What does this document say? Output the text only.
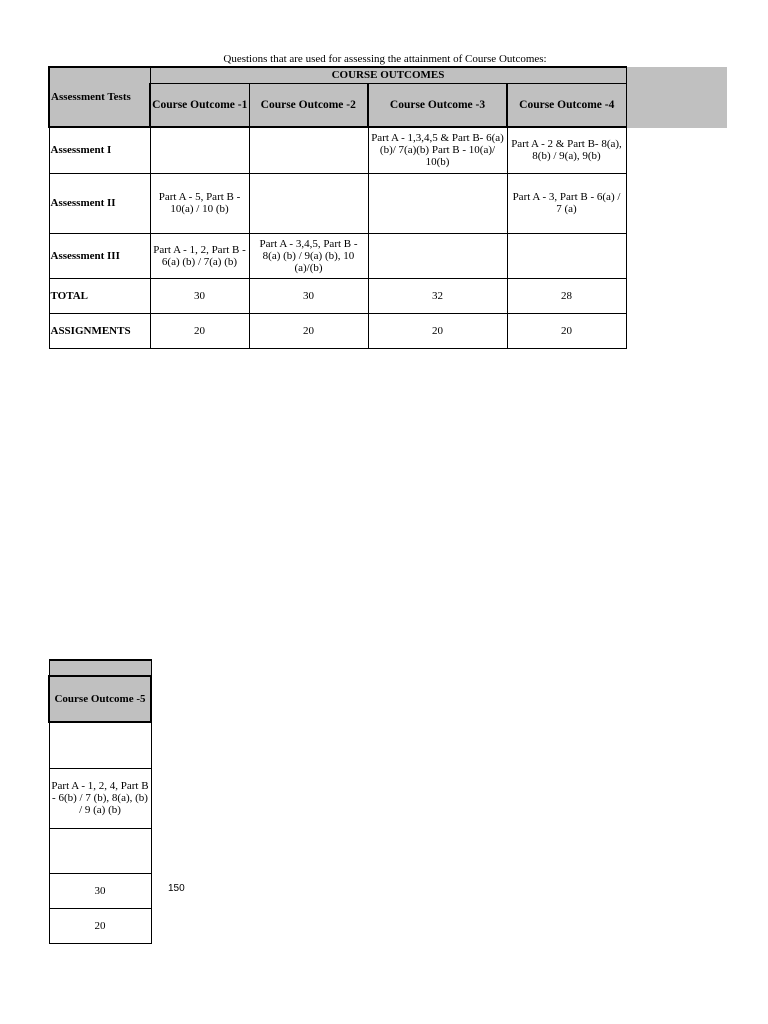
Questions that are used for assessing the attainment of Course Outcomes:
Assessment Tests	COURSE OUTCOMES			
	Course Outcome -1	Course Outcome -2	Course Outcome -3	Course Outcome -4
Assessment I			Part A - 1,3,4,5 & Part B- 6(a)(b)/ 7(a)(b) Part B - 10(a)/ 10(b)	Part A - 2 & Part B- 8(a), 8(b) / 9(a), 9(b)
Assessment II	Part A - 5, Part B - 10(a) / 10 (b)			Part A - 3, Part B - 6(a) / 7 (a)
Assessment III	Part A - 1, 2, Part B - 6(a) (b) / 7(a) (b)	Part A - 3,4,5, Part B - 8(a) (b) / 9(a) (b), 10 (a)/(b)		
TOTAL	30	30	32	28
ASSIGNMENTS	20	20	20	20

Course Outcome -5

Part A - 1, 2, 4, Part B - 6(b) / 7 (b), 8(a), (b) / 9 (a) (b)

30
20
150
